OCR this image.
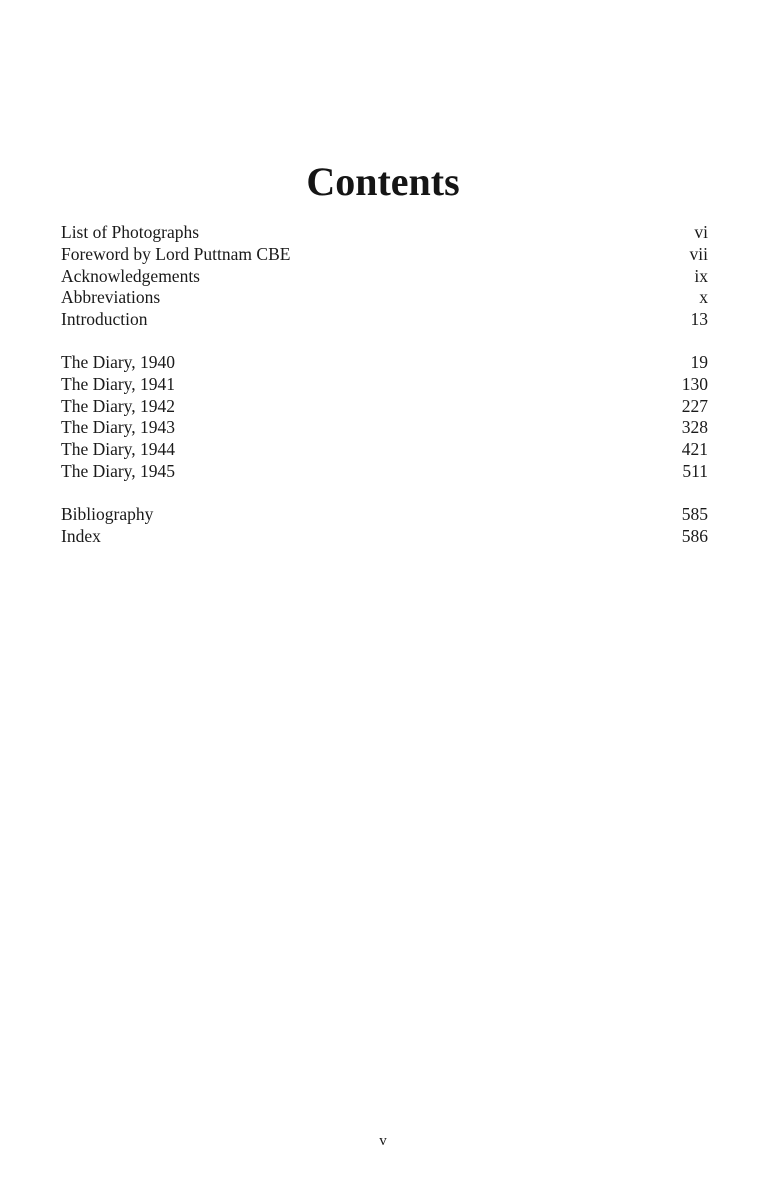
Contents
List of Photographs	vi
Foreword by Lord Puttnam CBE	vii
Acknowledgements	ix
Abbreviations	x
Introduction	13
The Diary, 1940	19
The Diary, 1941	130
The Diary, 1942	227
The Diary, 1943	328
The Diary, 1944	421
The Diary, 1945	511
Bibliography	585
Index	586
v
